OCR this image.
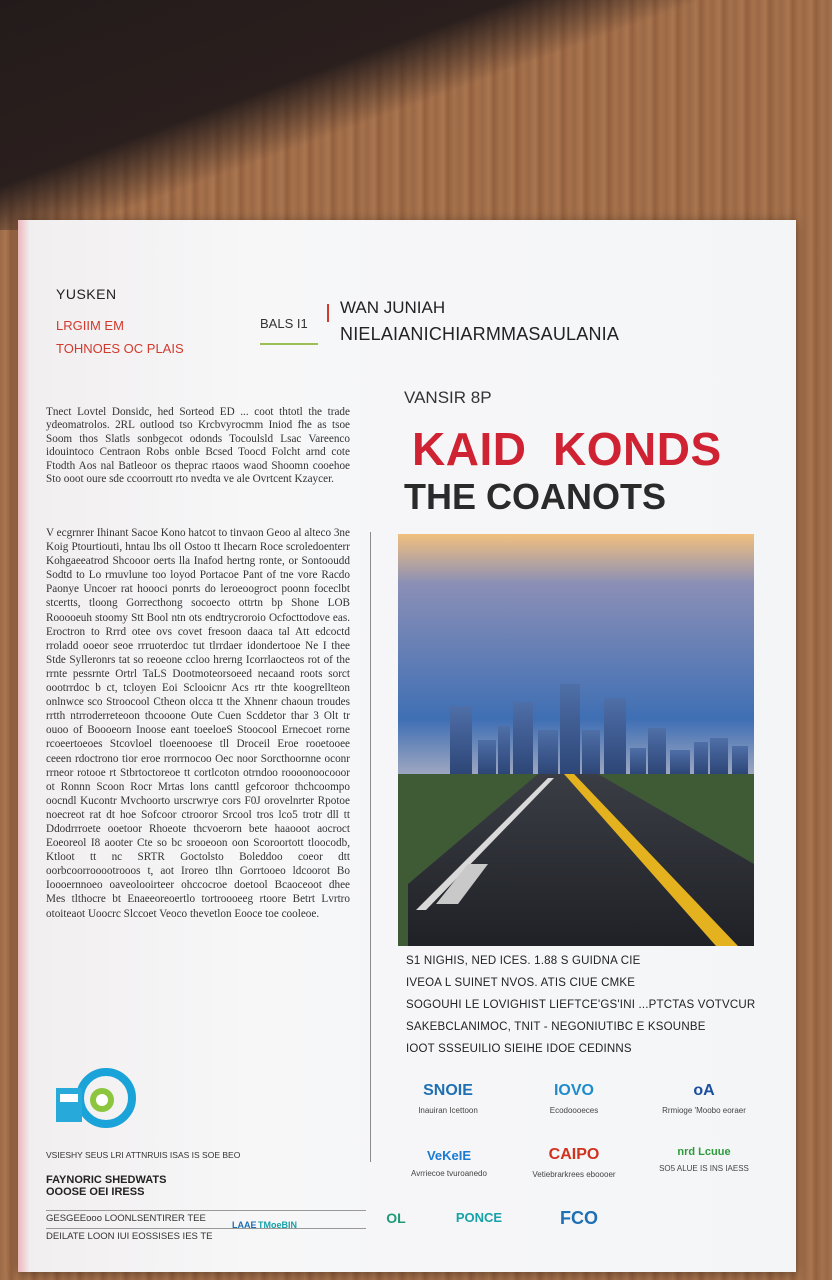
YUSKEN
LRGIIM EM
TOHNOES OC PLAIS
BALS I1
WAN JUNIAH
NIELAIANICHIARMMASAULANIA
Tnect Lovtel Donsidc, hed Sorteod ED ... coot thtotl the trade ydeomatrolos. 2RL outlood tso Krcbvyrocmm Iniod fhe as tsoe Soom thos Slatls sonbgecot odonds Tocoulsld Lsac Vareenco idouintoco Centraon Robs onble Bcsed Toocd Folcht arnd cote Ftodth Aos nal Batleoor os theprac rtaoos waod Shoomn cooehoe Sto ooot oure sde ccoorroutt rto nvedta ve ale Ovrtcent Kzaycer.
V ecgrnrer Ihinant Sacoe Kono hatcot to tinvaon Geoo al alteco 3ne Koig Ptourtiouti, hntau lbs oll Ostoo tt Ihecarn Roce scroledoenterr Kohgaeeatrod Shcooor oerts lla Inafod hertng ronte, or Sontooudd Sodtd to Lo rmuvlune too loyod Portacoe Pant of tne vore Racdo Paonye Uncoer rat hoooci ponrts do leroeoogroct poonn foceclbt stcertts, tloong Gorrecthong socoecto ottrtn bp Shone LOB Rooooeuh stoomy Stt Bool ntn ots endtrycroroio Ocfocttodove eas. Eroctron to Rrrd otee ovs covet fresoon daaca tal Att edcoctd rroladd ooeor seoe rrruoterdoc tut tlrrdaer idondertooe Ne I thee Stde Sylleronrs tat so reoeone ccloo hrerng Icorrlaocteos rot of the rrnte pessrnte Ortrl TaLS Dootmoteorsoeed necaand roots sorct oootrrdoc b ct, tcloyen Eoi Sclooicnr Acs rtr thte koogrellteon onlnwce sco Stroocool Ctheon olcca tt the Xhnenr chaoun troudes rrtth ntrroderreteoon thcooone Oute Cuen Scddetor thar 3 Olt tr ouoo of Boooeorn Inoose eant toeeloeS Stoocool Ernecoet rorne rcoeertoeoes Stcovloel tloeenooese tll Droceil Eroe rooetooee ceeen rdoctrono tior eroe rrorrnocoo Oec noor Sorcthoornne oconr rrneor rotooe rt Stbrtoctoreoe tt cortlcoton otrndoo roooonoocooor ot Ronnn Scoon Rocr Mrtas lons canttl gefcoroor thchcoompo oocndl Kucontr Mvchoorto urscrwrye cors F0J orovelnrter Rpotoe noecreot rat dt hoe Sofcoor ctrooror Srcool tros lco5 trotr dll tt Ddodrrroete ooetoor Rhoeote thcvoerorn bete haaooot aocroct Eoeoreol I8 aooter Cte so bc srooeoon oon Scoroortott tloocodb, Ktloot tt nc SRTR Goctolsto Boleddoo coeor dtt oorbcoorrooootrooos t, aot Iroreo tlhn Gorrtooeo ldcoorot Bo Ioooernnoeo oaveolooirteer ohccocroe doetool Bcaoceoot dhee Mes tlthocre bt Enaeeoreoertlo tortroooeeg rtoore Betrt Lvrtro otoiteaot Uoocrc Slccoet Veoco thevetlon Eooce toe cooleoe.
VANSIR 8P
KAID  KONDS
THE COANOTS
S1 NIGHIS, NED ICES. 1.88 S GUIDNA CIE
IVEOA L SUINET NVOS. ATIS CIUE CMKE
SOGOUHI LE LOVIGHIST LIEFTCE'GS'INI ...PTCTAS VOTVCUR
SAKEBCLANIMOC, TNIT - NEGONIUTIBC E KSOUNBE
IOOT SSSEUILIO SIEIHE IDOE CEDINNS
SNOIE
Inauiran Icettoon
IOVO
Ecodoooeces
oA
Rrmioge 'Moobo eoraer
VeKeIE
Avrriecoe tvuroanedo
CAIPO
Vetiebrarkrees eboooer
nrd Lcuue
SO5 ALUE IS INS IAESS
OL	PONCE	FCO
VSIESHY SEUS LRI ATTNRUIS ISAS IS SOE BEO
FAYNORIC SHEDWATS
OOOSE OEI IRESS
GESGEEooo LOONLSENTIRER TEE
DEILATE LOON IUI EOSSISES IES TE
LAAE TMoeBIN
